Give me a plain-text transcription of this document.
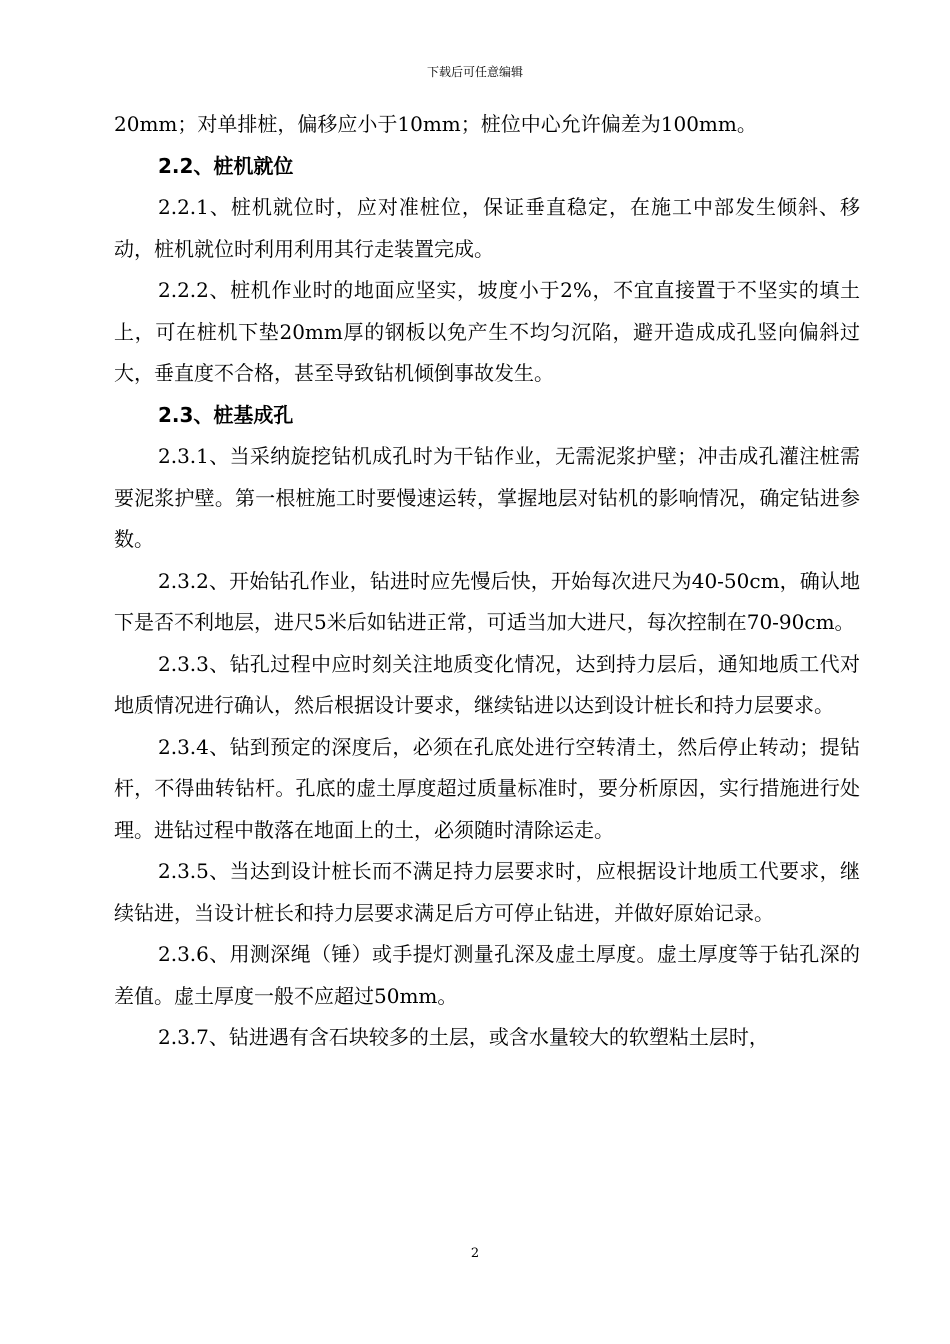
下载后可任意编辑

20mm；对单排桩，偏移应小于10mm；桩位中心允许偏差为100mm。

2.2、桩机就位

2.2.1、桩机就位时，应对准桩位，保证垂直稳定，在施工中部发生倾斜、移动，桩机就位时利用利用其行走装置完成。

2.2.2、桩机作业时的地面应坚实，坡度小于2%，不宜直接置于不坚实的填土上，可在桩机下垫20mm厚的钢板以免产生不均匀沉陷，避开造成成孔竖向偏斜过大，垂直度不合格，甚至导致钻机倾倒事故发生。

2.3、桩基成孔

2.3.1、当采纳旋挖钻机成孔时为干钻作业，无需泥浆护壁；冲击成孔灌注桩需要泥浆护壁。第一根桩施工时要慢速运转，掌握地层对钻机的影响情况，确定钻进参数。

2.3.2、开始钻孔作业，钻进时应先慢后快，开始每次进尺为40-50cm，确认地下是否不利地层，进尺5米后如钻进正常，可适当加大进尺，每次控制在70-90cm。

2.3.3、钻孔过程中应时刻关注地质变化情况，达到持力层后，通知地质工代对地质情况进行确认，然后根据设计要求，继续钻进以达到设计桩长和持力层要求。

2.3.4、钻到预定的深度后，必须在孔底处进行空转清土，然后停止转动；提钻杆，不得曲转钻杆。孔底的虚土厚度超过质量标准时，要分析原因，实行措施进行处理。进钻过程中散落在地面上的土，必须随时清除运走。

2.3.5、当达到设计桩长而不满足持力层要求时，应根据设计地质工代要求，继续钻进，当设计桩长和持力层要求满足后方可停止钻进，并做好原始记录。

2.3.6、用测深绳（锤）或手提灯测量孔深及虚土厚度。虚土厚度等于钻孔深的差值。虚土厚度一般不应超过50mm。

2.3.7、钻进遇有含石块较多的土层，或含水量较大的软塑粘土层时，

2
